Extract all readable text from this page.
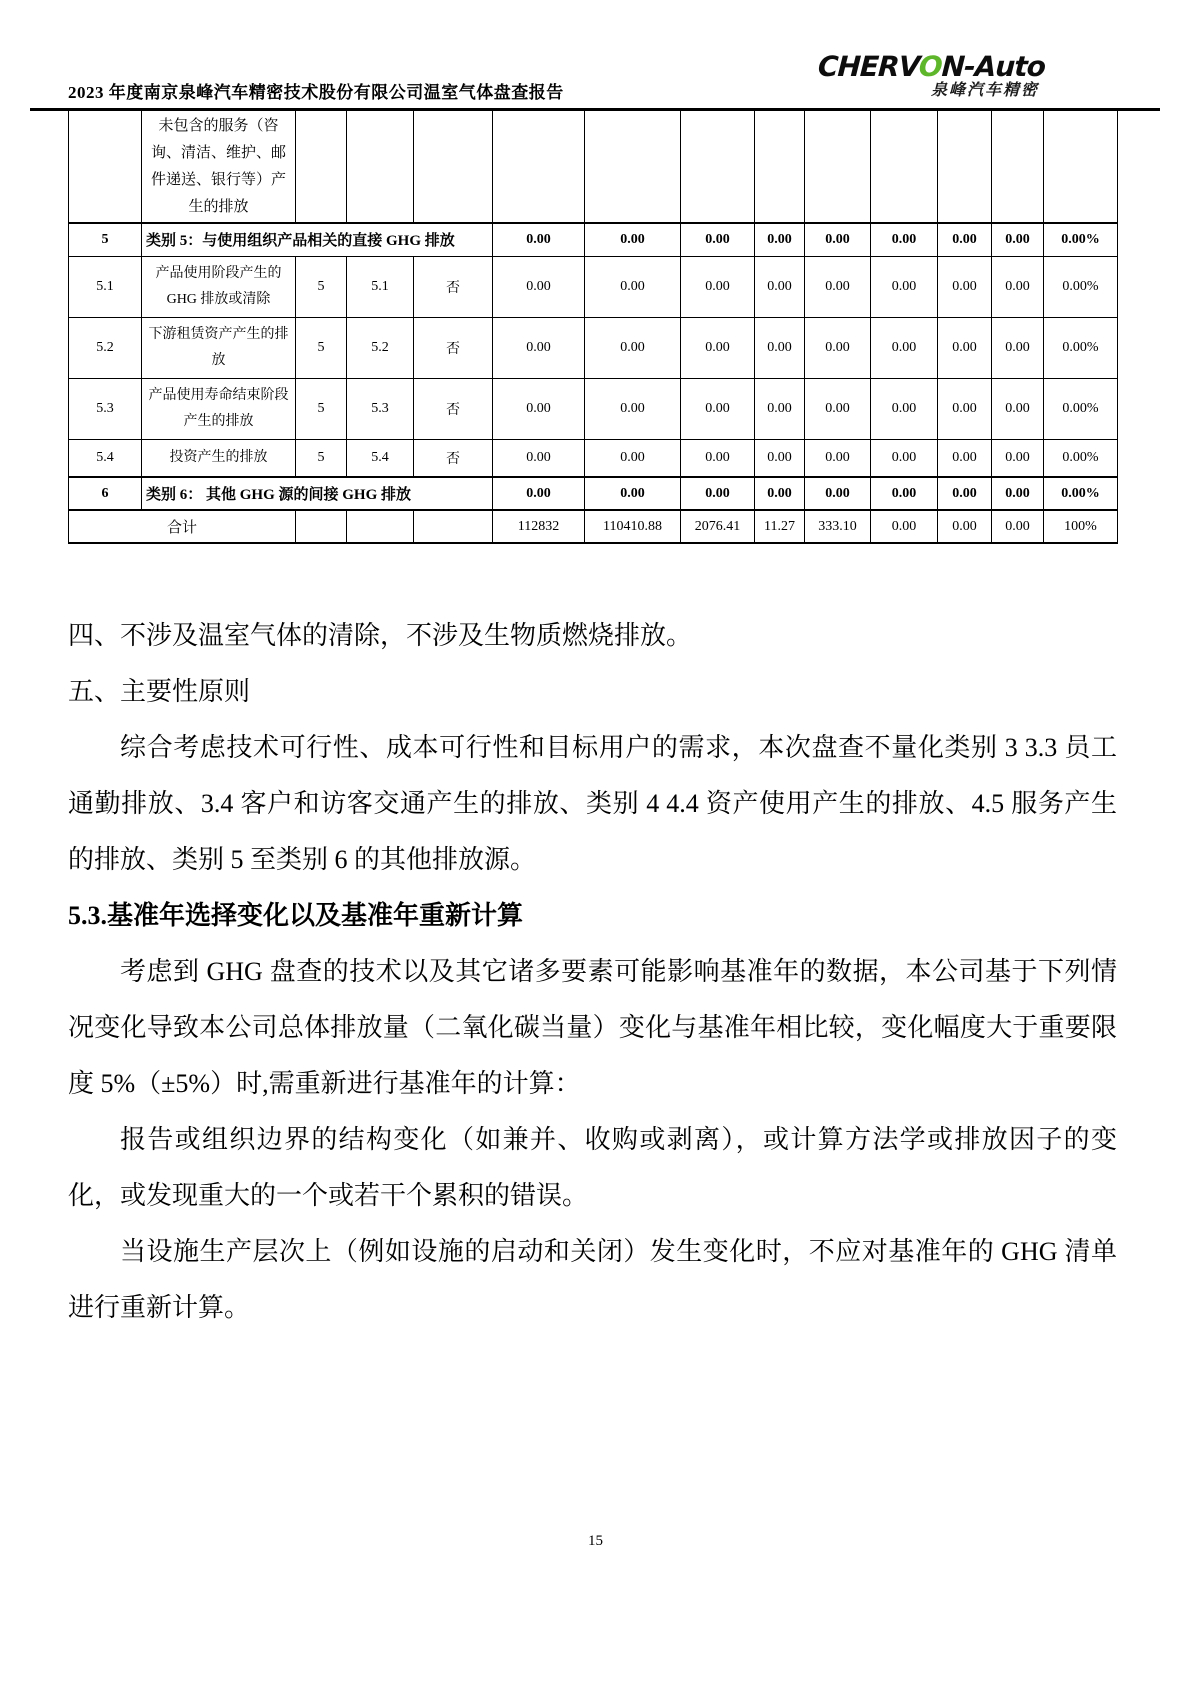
2023 年度南京泉峰汽车精密技术股份有限公司温室气体盘查报告
CHERVON-Auto
泉峰汽车精密
	未包含的服务（咨询、清洁、维护、邮件递送、银行等）产生的排放												
5	类别 5：与使用组织产品相关的直接 GHG 排放				0.00	0.00	0.00	0.00	0.00	0.00	0.00	0.00	0.00%
5.1	产品使用阶段产生的 GHG 排放或清除	5	5.1	否	0.00	0.00	0.00	0.00	0.00	0.00	0.00	0.00	0.00%
5.2	下游租赁资产产生的排放	5	5.2	否	0.00	0.00	0.00	0.00	0.00	0.00	0.00	0.00	0.00%
5.3	产品使用寿命结束阶段产生的排放	5	5.3	否	0.00	0.00	0.00	0.00	0.00	0.00	0.00	0.00	0.00%
5.4	投资产生的排放	5	5.4	否	0.00	0.00	0.00	0.00	0.00	0.00	0.00	0.00	0.00%
6	类别 6： 其他 GHG 源的间接 GHG 排放				0.00	0.00	0.00	0.00	0.00	0.00	0.00	0.00	0.00%
合计					112832	110410.88	2076.41	11.27	333.10	0.00	0.00	0.00	100%

四、不涉及温室气体的清除，不涉及生物质燃烧排放。

五、主要性原则

综合考虑技术可行性、成本可行性和目标用户的需求，本次盘查不量化类别 3 3.3 员工通勤排放、3.4 客户和访客交通产生的排放、类别 4 4.4 资产使用产生的排放、4.5 服务产生的排放、类别 5 至类别 6 的其他排放源。

5.3.基准年选择变化以及基准年重新计算

考虑到 GHG 盘查的技术以及其它诸多要素可能影响基准年的数据，本公司基于下列情况变化导致本公司总体排放量（二氧化碳当量）变化与基准年相比较，变化幅度大于重要限度 5%（±5%）时,需重新进行基准年的计算：

报告或组织边界的结构变化（如兼并、收购或剥离），或计算方法学或排放因子的变化，或发现重大的一个或若干个累积的错误。

当设施生产层次上（例如设施的启动和关闭）发生变化时，不应对基准年的 GHG 清单进行重新计算。

15
